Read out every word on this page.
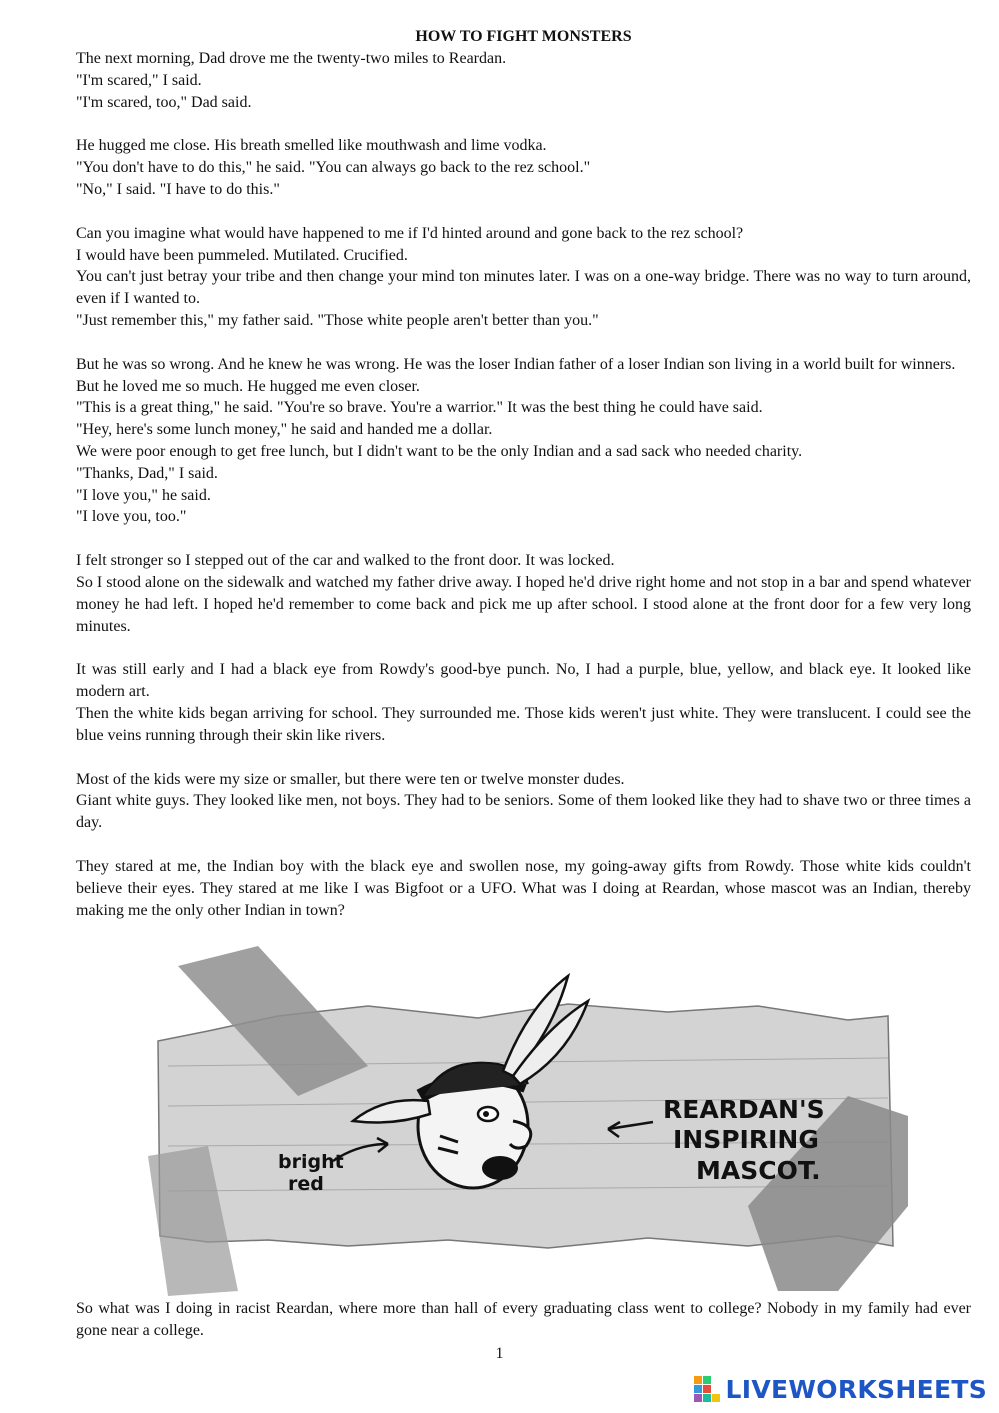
HOW TO FIGHT MONSTERS

The next morning, Dad drove me the twenty-two miles to Reardan.

"I'm scared," I said.

"I'm scared, too," Dad said.

He hugged me close. His breath smelled like mouthwash and lime vodka.

"You don't have to do this," he said. "You can always go back to the rez school."

"No," I said. "I have to do this."

Can you imagine what would have happened to me if I'd hinted around and gone back to the rez school?

I would have been pummeled. Mutilated. Crucified.

You can't just betray your tribe and then change your mind ton minutes later. I was on a one-way bridge. There was no way to turn around, even if I wanted to.

"Just remember this," my father said. "Those white people aren't better than you."

But he was so wrong. And he knew he was wrong. He was the loser Indian father of a loser Indian son living in a world built for winners.

But he loved me so much. He hugged me even closer.

"This is a great thing," he said. "You're so brave. You're a warrior." It was the best thing he could have said.

"Hey, here's some lunch money," he said and handed me a dollar.

We were poor enough to get free lunch, but I didn't want to be the only Indian and a sad sack who needed charity.

"Thanks, Dad," I said.

"I love you," he said.

"I love you, too."

I felt stronger so I stepped out of the car and walked to the front door. It was locked.

So I stood alone on the sidewalk and watched my father drive away. I hoped he'd drive right home and not stop in a bar and spend whatever money he had left. I hoped he'd remember to come back and pick me up after school. I stood alone at the front door for a few very long minutes.

It was still early and I had a black eye from Rowdy's good-bye punch. No, I had a purple, blue, yellow, and black eye. It looked like modern art.

Then the white kids began arriving for school. They surrounded me. Those kids weren't just white. They were translucent. I could see the blue veins running through their skin like rivers.

Most of the kids were my size or smaller, but there were ten or twelve monster dudes.

Giant white guys. They looked like men, not boys. They had to be seniors. Some of them looked like they had to shave two or three times a day.

They stared at me, the Indian boy with the black eye and swollen nose, my going-away gifts from Rowdy. Those white kids couldn't believe their eyes. They stared at me like I was Bigfoot or a UFO. What was I doing at Reardan, whose mascot was an Indian, thereby making me the only other Indian in town?

REARDAN'S
INSPIRING
MASCOT.
bright
red

So what was I doing in racist Reardan, where more than hall of every graduating class went to college? Nobody in my family had ever gone near a college.

1
LIVEWORKSHEETS
